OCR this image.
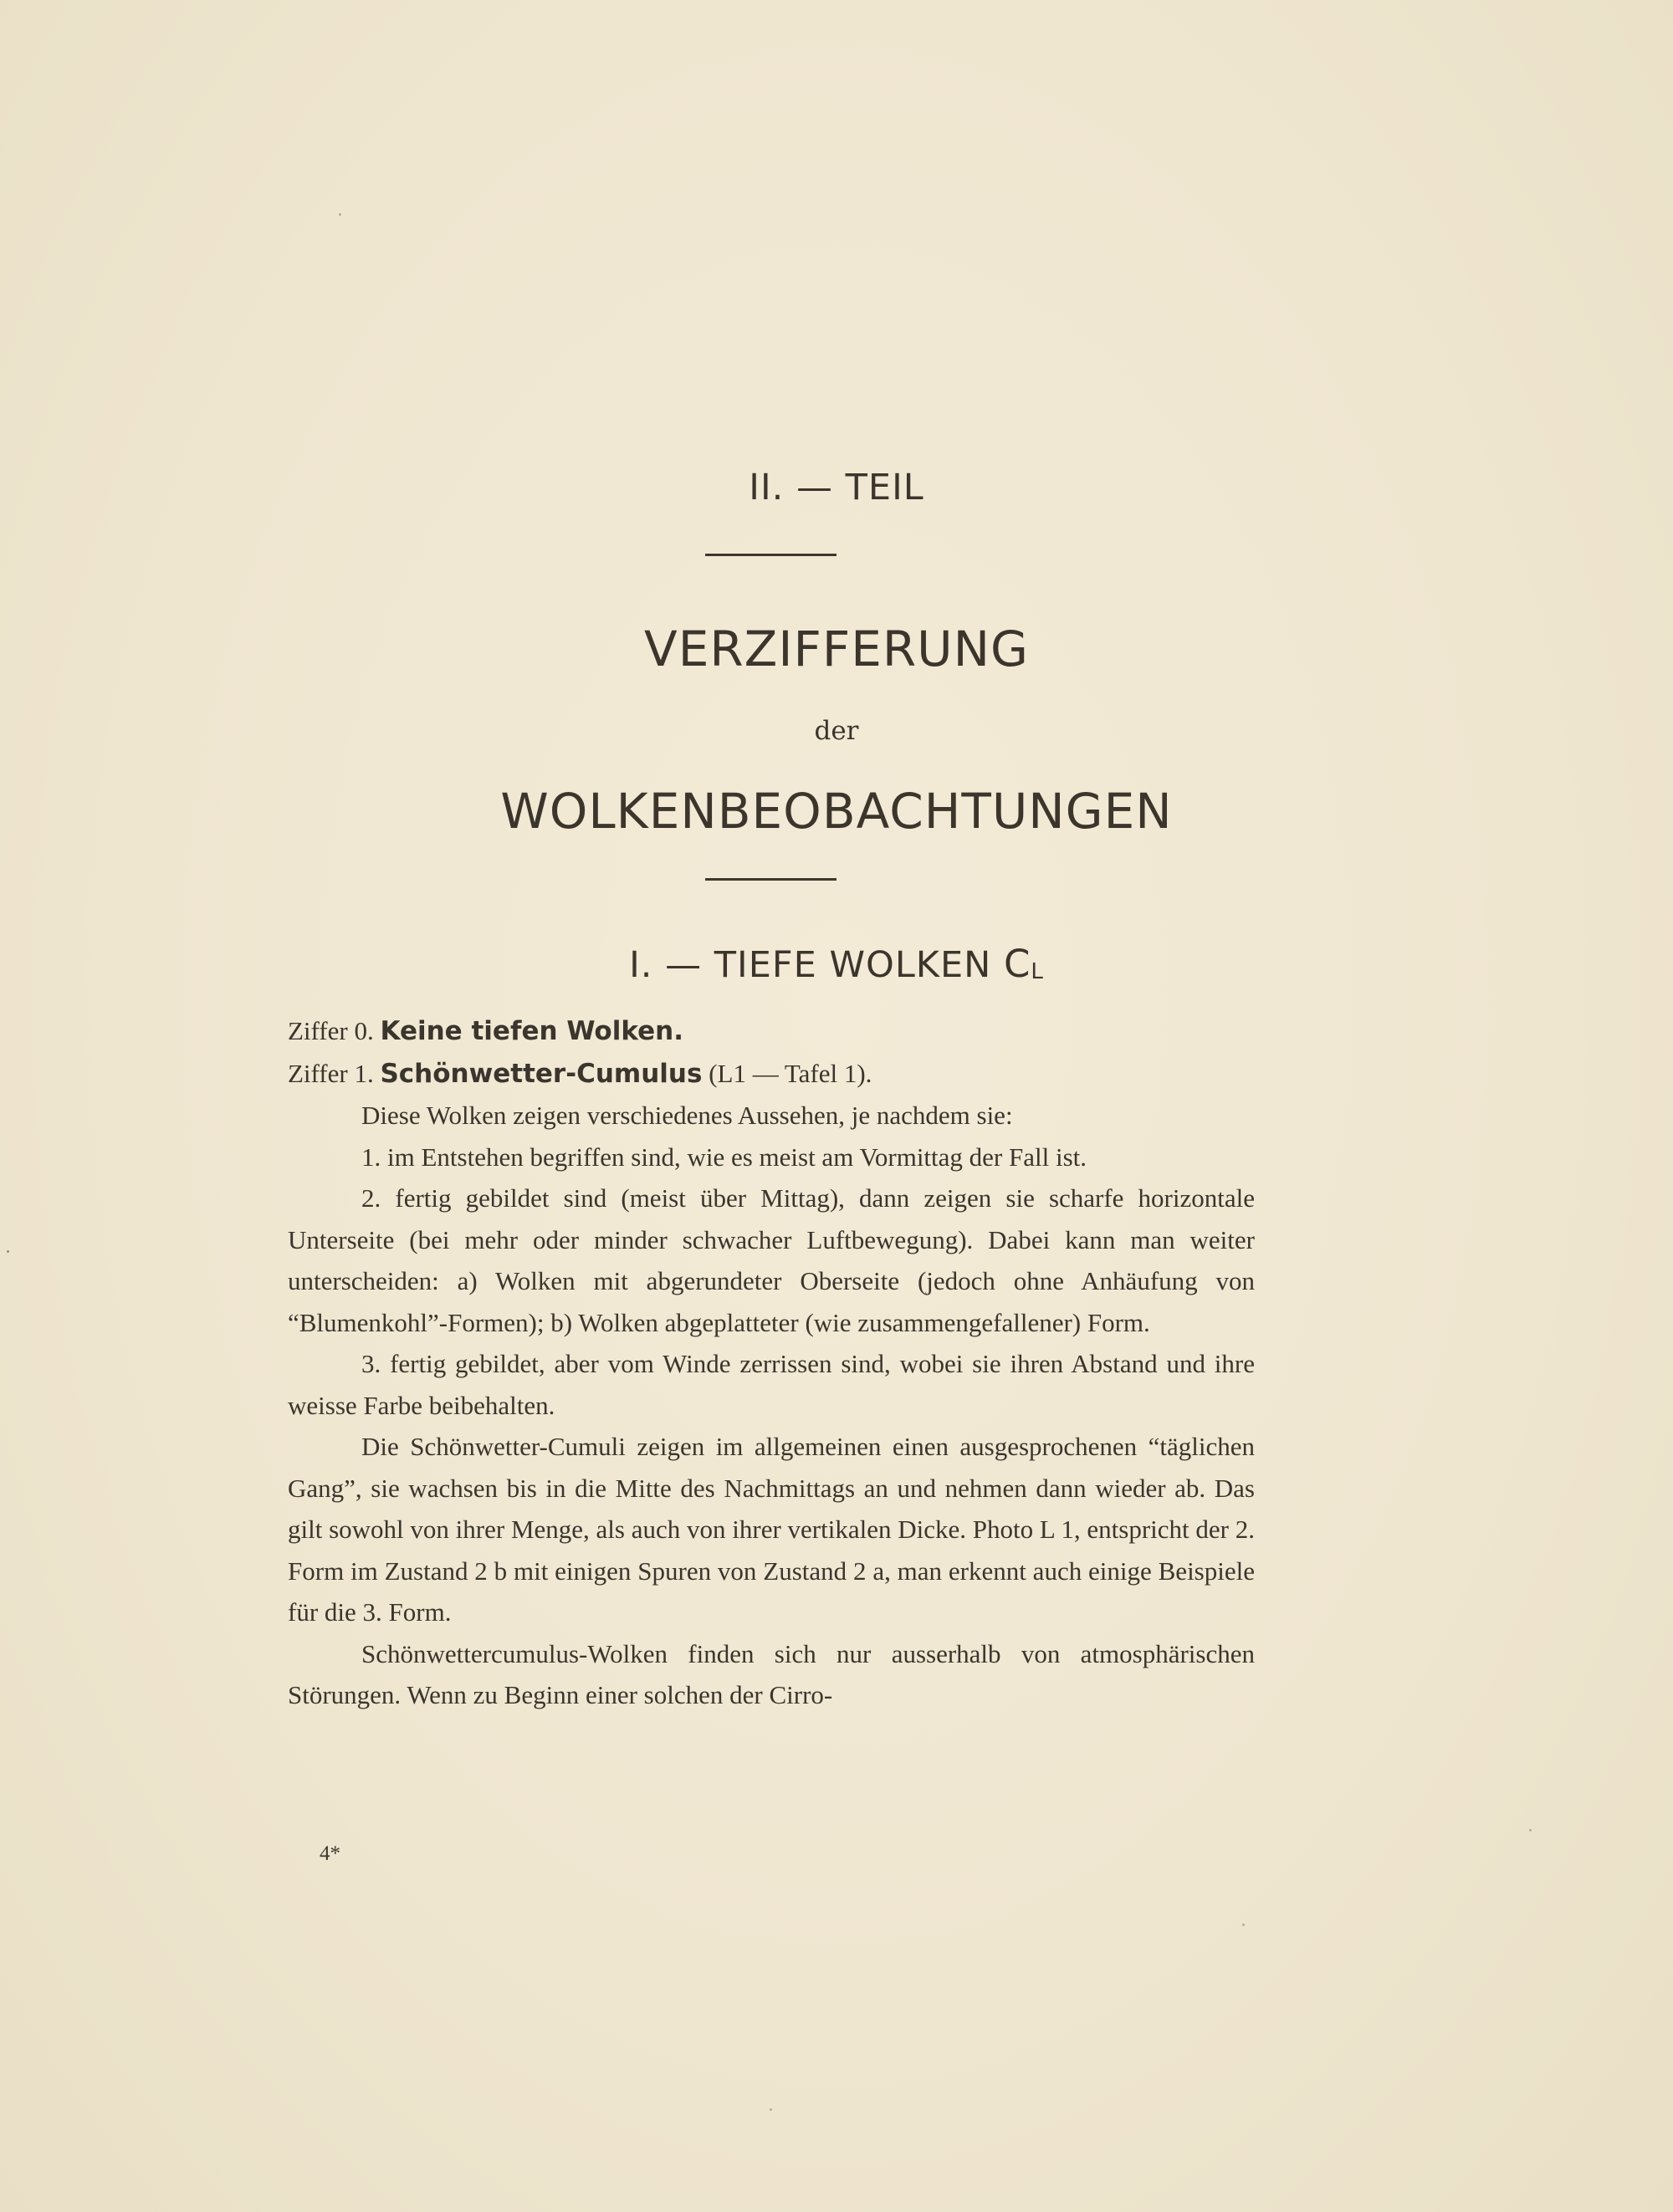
II. — TEIL
VERZIFFERUNG
der
WOLKENBEOBACHTUNGEN
I. — TIEFE WOLKEN $C_L$

Ziffer 0. Keine tiefen Wolken.

Ziffer 1. Schönwetter-Cumulus (L1 — Tafel 1).

Diese Wolken zeigen verschiedenes Aussehen, je nachdem sie:

1. im Entstehen begriffen sind, wie es meist am Vormittag der Fall ist.

2. fertig gebildet sind (meist über Mittag), dann zeigen sie scharfe horizontale Unterseite (bei mehr oder minder schwacher Luftbewegung). Dabei kann man weiter unterscheiden: a) Wolken mit abgerundeter Oberseite (jedoch ohne Anhäufung von “Blumenkohl”-Formen); b) Wolken abgeplatteter (wie zusammengefallener) Form.

3. fertig gebildet, aber vom Winde zerrissen sind, wobei sie ihren Abstand und ihre weisse Farbe beibehalten.

Die Schönwetter-Cumuli zeigen im allgemeinen einen ausgesprochenen “täglichen Gang”, sie wachsen bis in die Mitte des Nachmittags an und nehmen dann wieder ab. Das gilt sowohl von ihrer Menge, als auch von ihrer vertikalen Dicke. Photo L 1, entspricht der 2. Form im Zustand 2 b mit einigen Spuren von Zustand 2 a, man erkennt auch einige Beispiele für die 3. Form.

Schönwettercumulus-Wolken finden sich nur ausserhalb von atmosphärischen Störungen. Wenn zu Beginn einer solchen der Cirro-

4*
